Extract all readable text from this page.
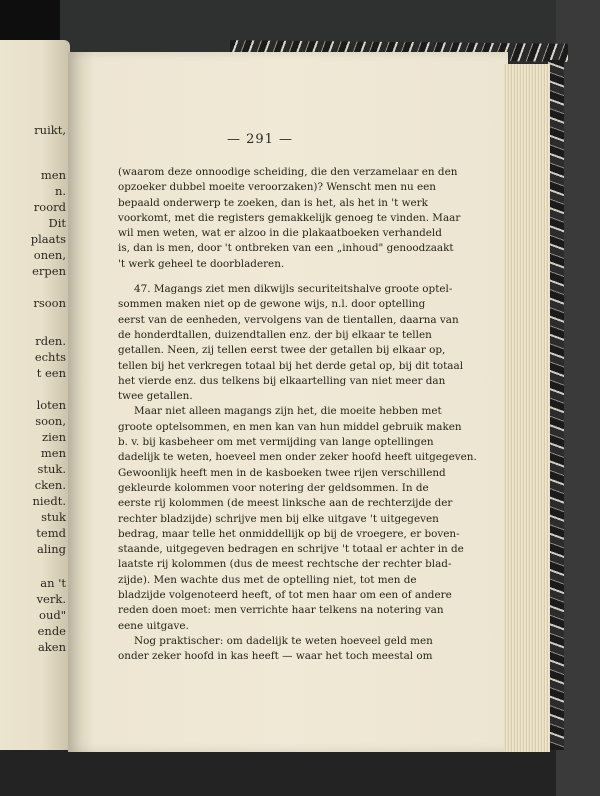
ruikt,
men
n.
roord
Dit
plaats
onen,
erpen
rsoon
rden.
echts
t een
loten
soon,
zien
men
stuk.
cken.
niedt.
stuk
temd
aling
an 't
verk.
oud"
ende
aken
— 291 —
(waarom deze onnoodige scheiding, die den verzamelaar en den
opzoeker dubbel moeite veroorzaken)? Wenscht men nu een
bepaald onderwerp te zoeken, dan is het, als het in 't werk
voorkomt, met die registers gemakkelijk genoeg te vinden. Maar
wil men weten, wat er alzoo in die plakaatboeken verhandeld
is, dan is men, door 't ontbreken van een „inhoud" genoodzaakt
't werk geheel te doorbladeren.
47. Magangs ziet men dikwijls securiteitshalve groote optel-
sommen maken niet op de gewone wijs, n.l. door optelling
eerst van de eenheden, vervolgens van de tientallen, daarna van
de honderdtallen, duizendtallen enz. der bij elkaar te tellen
getallen. Neen, zij tellen eerst twee der getallen bij elkaar op,
tellen bij het verkregen totaal bij het derde getal op, bij dit totaal
het vierde enz. dus telkens bij elkaartelling van niet meer dan
twee getallen.
Maar niet alleen magangs zijn het, die moeite hebben met
groote optelsommen, en men kan van hun middel gebruik maken
b. v. bij kasbeheer om met vermijding van lange optellingen
dadelijk te weten, hoeveel men onder zeker hoofd heeft uitgegeven.
Gewoonlijk heeft men in de kasboeken twee rijen verschillend
gekleurde kolommen voor notering der geldsommen. In de
eerste rij kolommen (de meest linksche aan de rechterzijde der
rechter bladzijde) schrijve men bij elke uitgave 't uitgegeven
bedrag, maar telle het onmiddellijk op bij de vroegere, er boven-
staande, uitgegeven bedragen en schrijve 't totaal er achter in de
laatste rij kolommen (dus de meest rechtsche der rechter blad-
zijde). Men wachte dus met de optelling niet, tot men de
bladzijde volgenoteerd heeft, of tot men haar om een of andere
reden doen moet: men verrichte haar telkens na notering van
eene uitgave.
Nog praktischer: om dadelijk te weten hoeveel geld men
onder zeker hoofd in kas heeft — waar het toch meestal om
